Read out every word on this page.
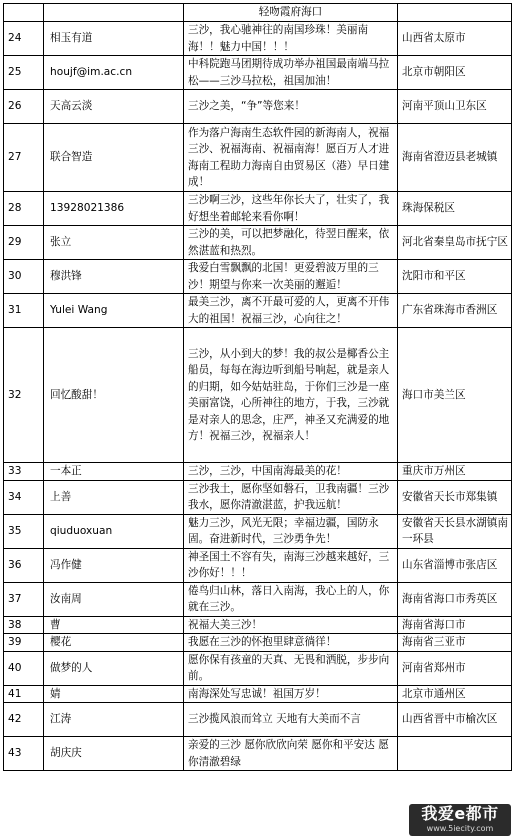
		轻吻霞府海口	
24	相玉有道	三沙，我心驰神往的南国珍珠！美丽南海！！魅力中国！！！	山西省太原市
25	houjf@im.ac.cn	中科院跑马团期待成功举办祖国最南端马拉松——三沙马拉松，祖国加油！	北京市朝阳区
26	天高云淡	三沙之美，“争”等您来！	河南平顶山卫东区
27	联合智造	作为落户海南生态软件园的新海南人，祝福三沙、祝福海南、祝福南海！愿百万人才进海南工程助力海南自由贸易区（港）早日建成！	海南省澄迈县老城镇
28	13928021386	三沙啊三沙，这些年你长大了，壮实了，我好想坐着邮轮来看你啊！	珠海保税区
29	张立	三沙的美，可以把梦融化，待翌日醒来，依然湛蓝和热烈。	河北省秦皇岛市抚宁区
30	穆洪锋	我爱白雪飘飘的北国！更爱碧波万里的三沙！期望与你来一次美丽的邂逅！	沈阳市和平区
31	Yulei Wang	最美三沙，离不开最可爱的人，更离不开伟大的祖国！祝福三沙，心向往之！	广东省珠海市香洲区
32	回忆酸甜！	三沙，从小到大的梦！我的叔公是椰香公主船员，每每在海边听到船号响起，就是亲人的归期，如今姑姑驻岛，于你们三沙是一座美丽富饶，心所神往的地方，于我，三沙就是对亲人的思念，庄严，神圣又充满爱的地方！祝福三沙，祝福亲人！	海口市美兰区
33	一本正	三沙，三沙，中国南海最美的花！	重庆市万州区
34	上善	三沙我土，愿你坚如磐石，卫我南疆！三沙我水，愿你清澈湛蓝，护我远航！	安徽省天长市郑集镇
35	qiuduoxuan	魅力三沙，风光无限；幸福边疆，国防永固。奋进新时代，三沙勇争先！	安徽省天长县水湖镇南一环县
36	冯作健	神圣国土不容有失，南海三沙越来越好，三沙你好！！！	山东省淄博市张店区
37	汝南周	倦鸟归山林，落日入南海，我心上的人，你就在三沙。	海南省海口市秀英区
38	曹	祝福大美三沙！	海南省海口市
39	樱花	我愿在三沙的怀抱里肆意徜徉！	海南省三亚市
40	做梦的人	愿你保有孩童的天真、无畏和洒脱，步步向前。	河南省郑州市
41	婧	南海深处写忠诚！祖国万岁！	北京市通州区
42	江涛	三沙揽风浪而耸立 天地有大美而不言	山西省晋中市榆次区
43	胡庆庆	亲爱的三沙 愿你欣欣向荣 愿你和平安达 愿你清澈碧绿	
我爱e都市
www.5iecity.com
